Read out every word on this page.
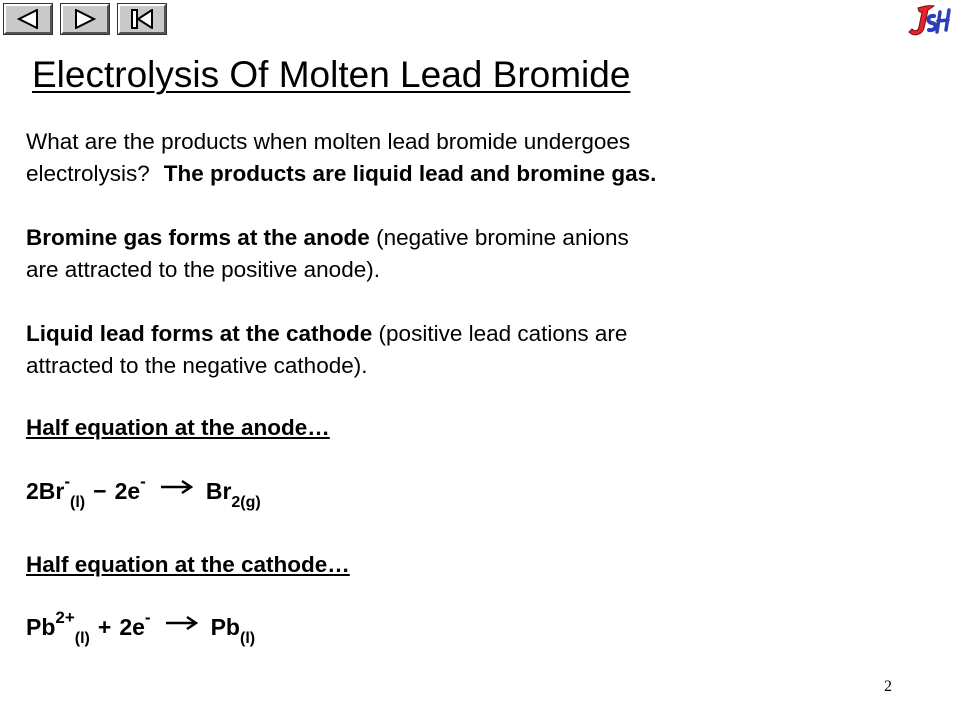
Electrolysis Of Molten Lead Bromide
What are the products when molten lead bromide undergoes
electrolysis? The products are liquid lead and bromine gas.
Bromine gas forms at the anode (negative bromine anions
are attracted to the positive anode).
Liquid lead forms at the cathode (positive lead cations are
attracted to the negative cathode).
Half equation at the anode…
2Br -
(l) − 2e -	Br 2(g)
Half equation at the cathode…
Pb 2+
(l) + 2e -	Pb (l)
2
